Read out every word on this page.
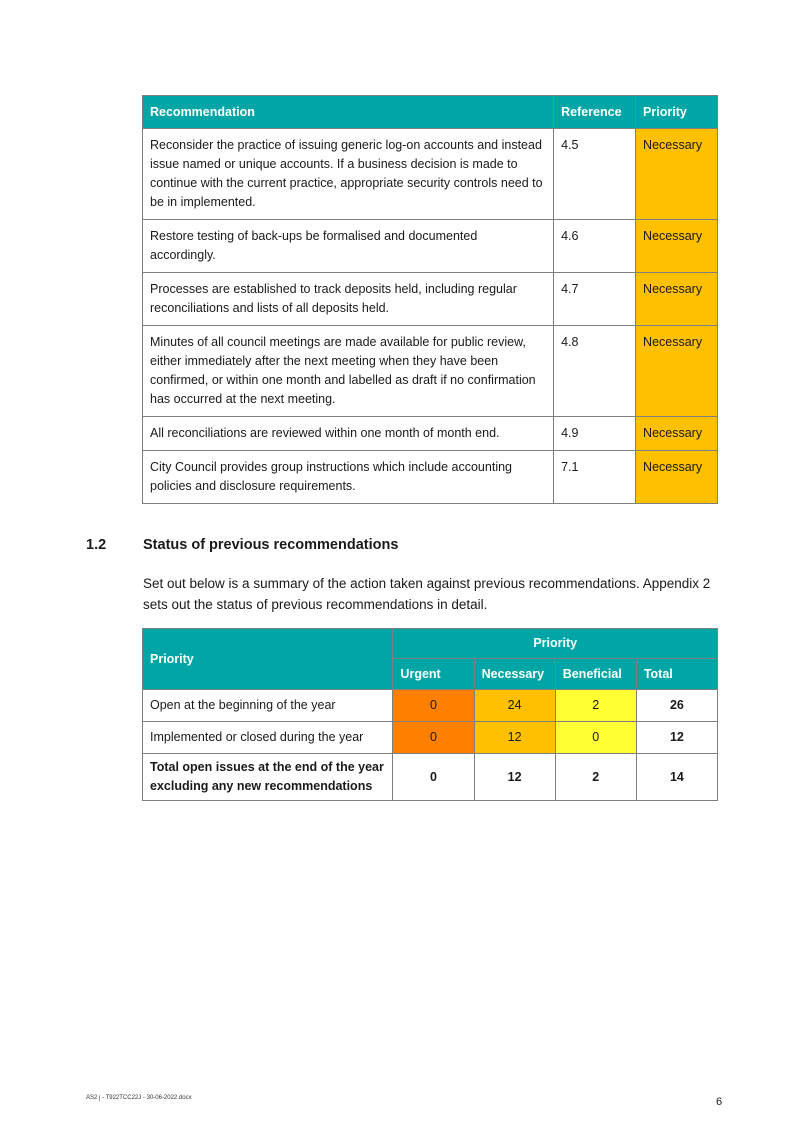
Recommendation	Reference	Priority
Reconsider the practice of issuing generic log-on accounts and instead issue named or unique accounts. If a business decision is made to continue with the current practice, appropriate security controls need to be in implemented.	4.5	Necessary
Restore testing of back-ups be formalised and documented accordingly.	4.6	Necessary
Processes are established to track deposits held, including regular reconciliations and lists of all deposits held.	4.7	Necessary
Minutes of all council meetings are made available for public review, either immediately after the next meeting when they have been confirmed, or within one month and labelled as draft if no confirmation has occurred at the next meeting.	4.8	Necessary
All reconciliations are reviewed within one month of month end.	4.9	Necessary
City Council provides group instructions which include accounting policies and disclosure requirements.	7.1	Necessary
1.2	Status of previous recommendations
Set out below is a summary of the action taken against previous recommendations. Appendix 2 sets out the status of previous recommendations in detail.
Priority	Priority			
	Urgent	Necessary	Beneficial	Total
Open at the beginning of the year	0	24	2	26
Implemented or closed during the year	0	12	0	12
Total open issues at the end of the year excluding any new recommendations	0	12	2	14
AS2 j - T922TCC22J - 30-06-2022.docx	6
